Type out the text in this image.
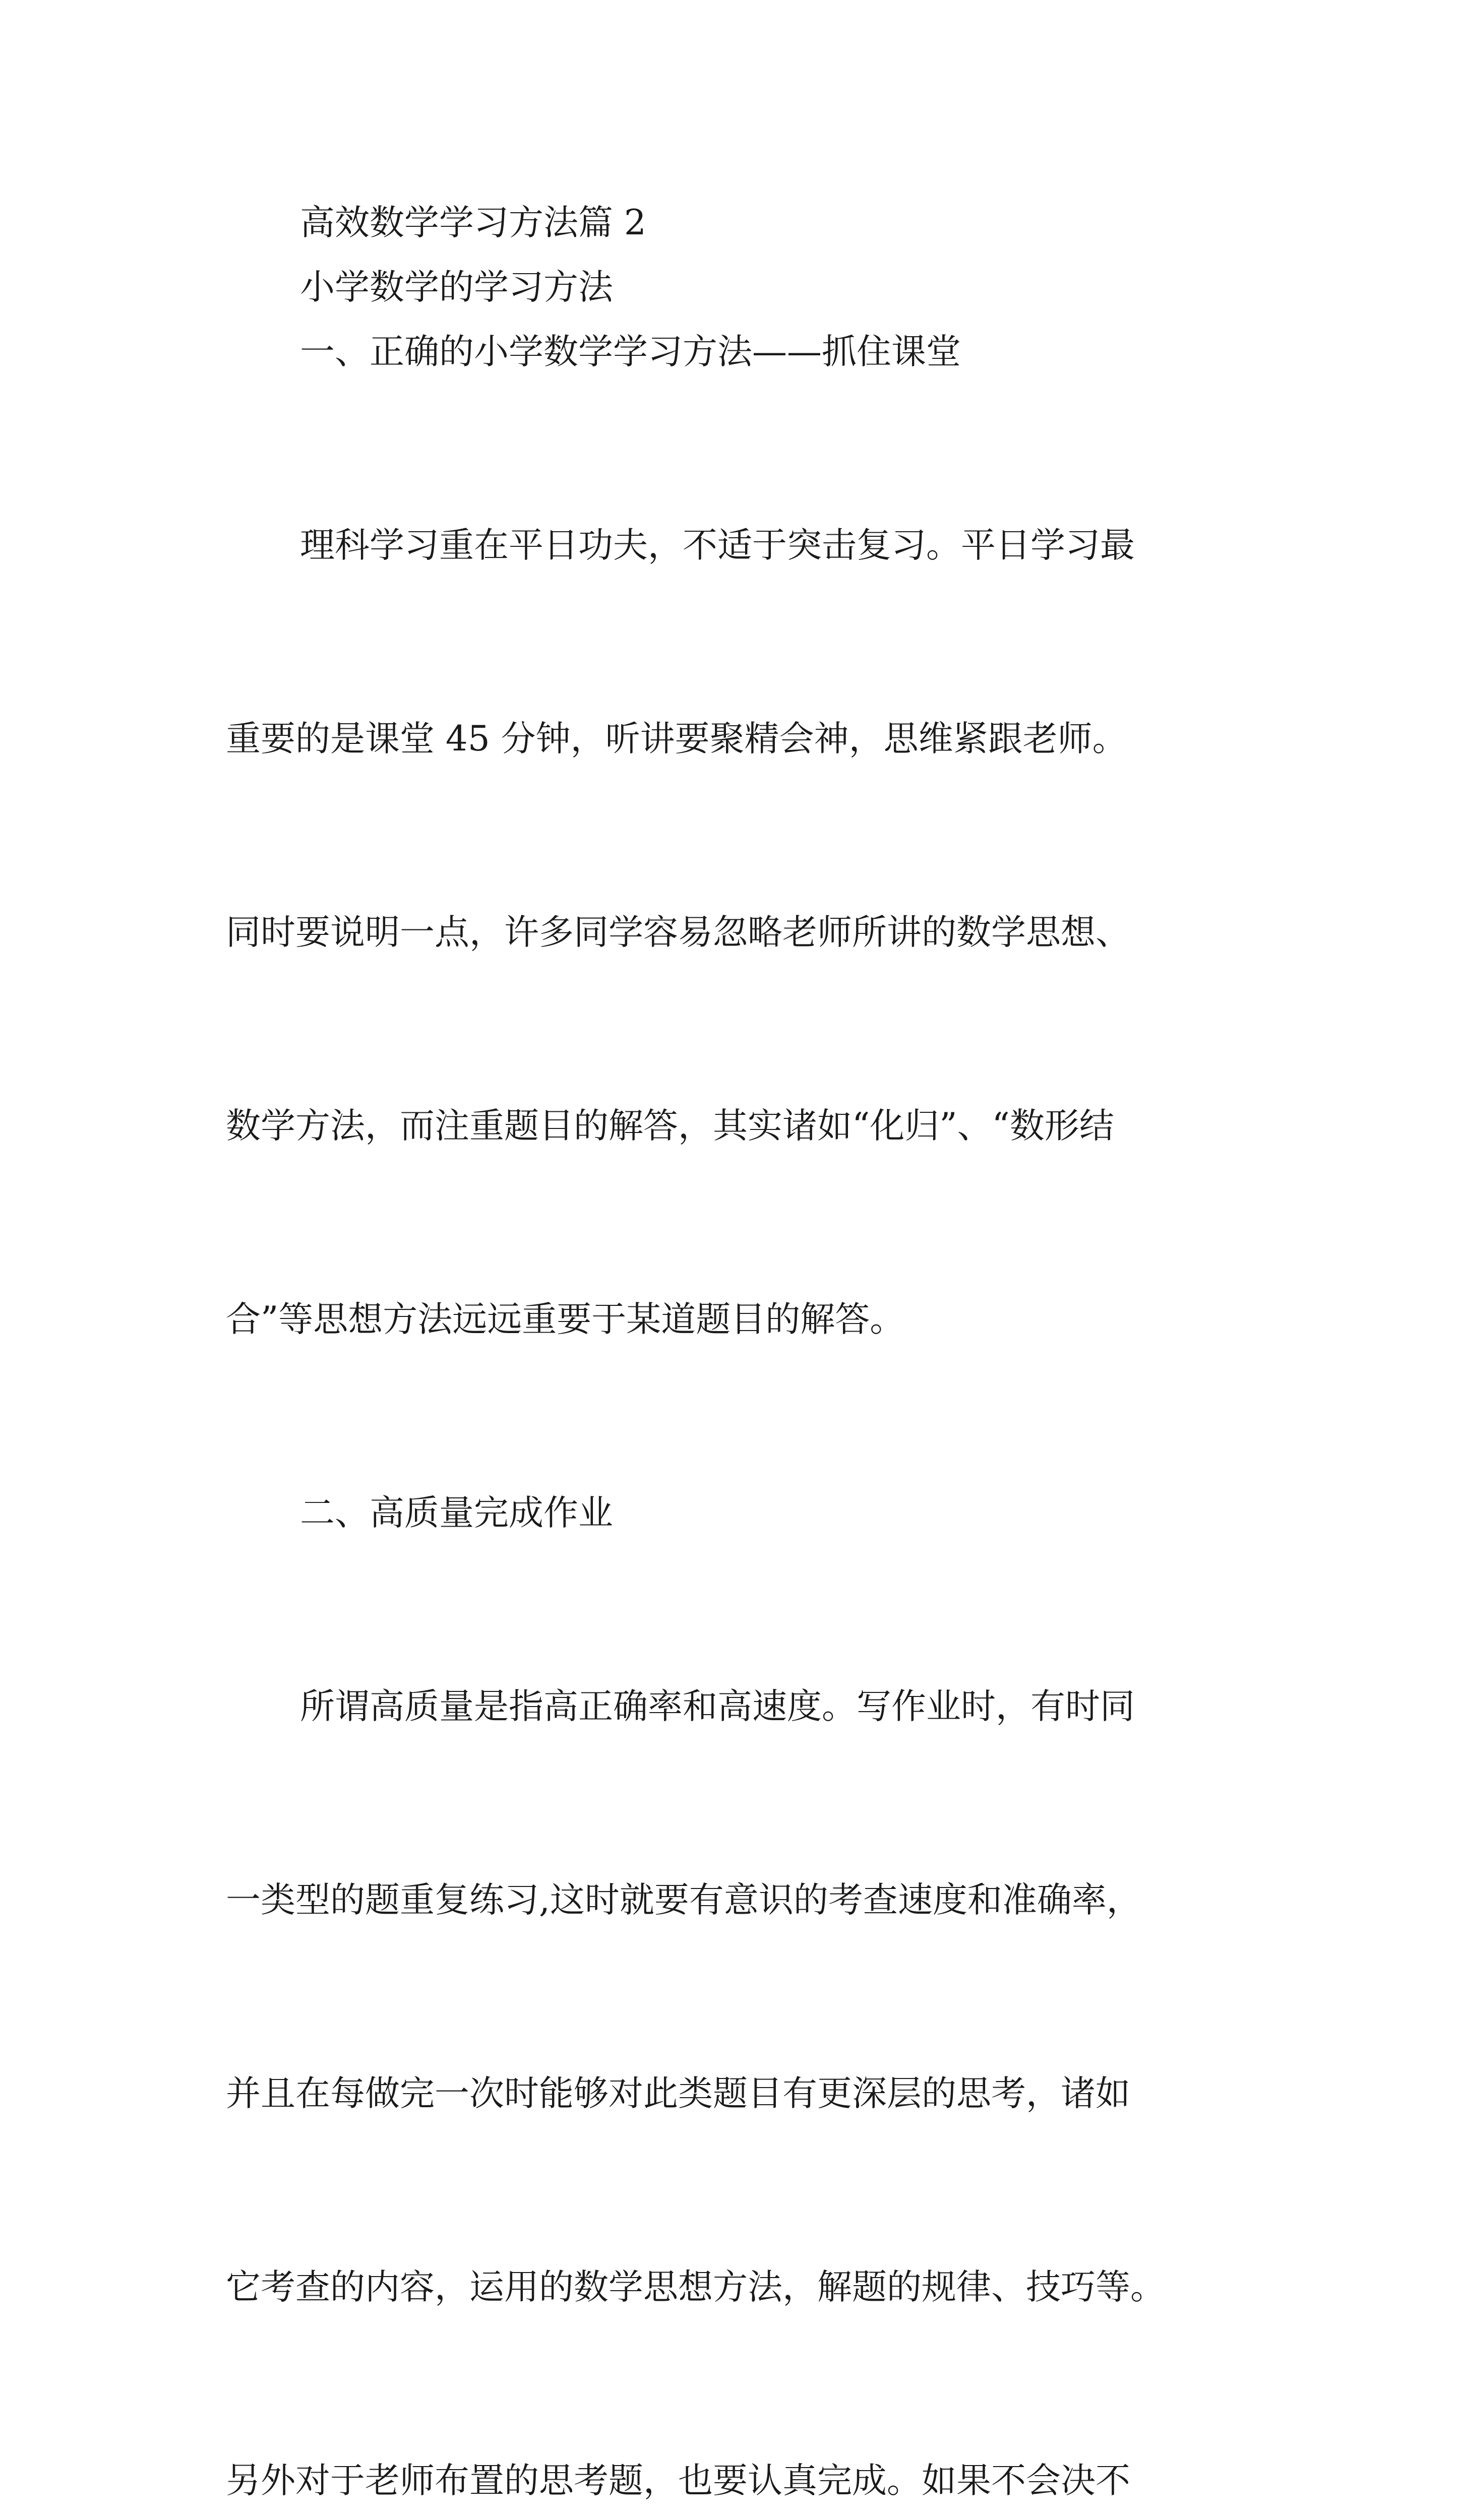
高效数学学习方法篇 2
小学数学的学习方法
一、正确的小学数学学习方法——抓住课堂

理科学习重在平日功夫，不适于突击复习。平日学习最

重要的是课堂 45 分钟，听讲要聚精会神，思维紧跟老师。

同时要说明一点，许多同学容易忽略老师所讲的数学思想、

数学方法，而注重题目的解答，其实诸如“化归”、“数形结

合”等思想方法远远重要于某道题目的解答。

二、高质量完成作业

所谓高质量是指高正确率和高速度。写作业时，有时同

一类型的题重复练习,这时就要有意识的考查速度和准确率，

并且在每做完一次时能够对此类题目有更深层的思考，诸如

它考查的内容，运用的数学思想方法，解题的规律、技巧等。

另外对于老师布置的思考题，也要认真完成。如果不会决不
